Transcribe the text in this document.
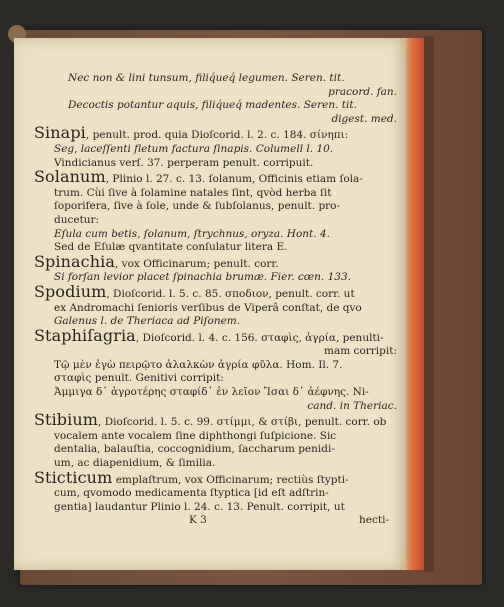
Nec non & lini tunsum, filiq́ueq́ legumen. Seren. tit.
pracord. fan.
Decoctis potantur aquis, filiq́ueq́ madentes. Seren. tit.
digest. med.
Sinapi, penult. prod. quia Dioſcorid. l. 2. c. 184. σίνηπι:
Seg, laceſſenti fletum factura ſinapis. Columell l. 10.
Vindicianus verſ. 37. perperam penult. corripuit.
Solanum, Plinio l. 27. c. 13. ſolanum, Officinis etiam ſola-
trum. Cùi ſive à ſolamine natales ſint, qvòd herba ſit
ſoporifera, ſive à ſole, unde & ſubſolanus, penult. pro-
ducetur:
Eſula cum betis, ſolanum, ſtrychnus, oryza. Hont. 4.
Sed de Eſulæ qvantitate conſulatur litera E.
Spinachia, vox Officinarum; penult. corr.
Si forſan levior placet ſpinachia brumæ. Fier. cœn. 133.
Spodium, Dioſcorid. l. 5. c. 85. σποδιον, penult. corr. ut
ex Andromachi ſenioris verſibus de Viperâ conſtat, de qvo
Galenus l. de Theriaca ad Piſonem.
Staphiſagria, Dioſcorid. l. 4. c. 156. σταφὶς, ἀγρία, penulti-
mam corripit:
Τῷ μὲν ἐγὼ πειρῷτο ἀλαλκὼν ἀγρία φῦλα. Hom. Il. 7.
σταφὶς penult. Genitivi corripit:
Ἀμμιγα δ᾽ ἀγροτέρης σταφίδ᾽ ἐν λεῖον Ἴσαι δ᾽ ἀέφνης. Ni-
cand. in Theriac.
Stibium, Dioſcorid. l. 5. c. 99. στίμμι, & στίβι, penult. corr. ob
vocalem ante vocalem ſine diphthongi ſuſpicione. Sic
dentalia, balauſtia, coccognidium, ſaccharum penidi-
um, ac diapenidium, & ſimilia.
Sticticum emplaſtrum, vox Officinarum; rectiùs ſtypti-
cum, qvomodo medicamenta ſtyptica [id eſt adſtrin-
gentia] laudantur Plinio l. 24. c. 13. Penult. corripit, ut
K 3	hecti-
